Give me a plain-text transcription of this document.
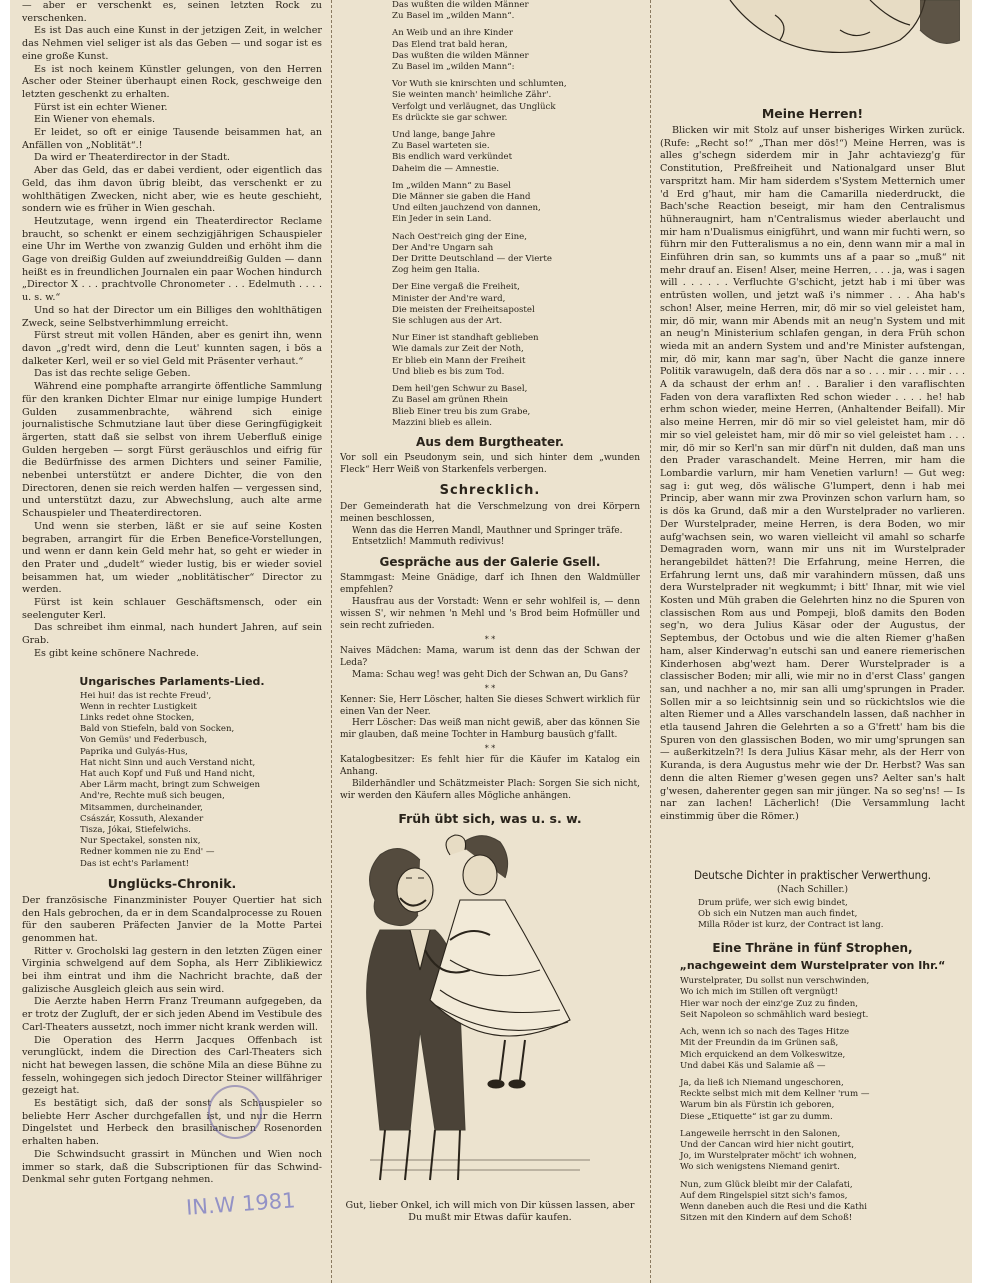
— aber er verschenkt es, seinen letzten Rock zu verschenken.

Es ist Das auch eine Kunst in der jetzigen Zeit, in welcher das Nehmen viel seliger ist als das Geben — und sogar ist es eine große Kunst.

Es ist noch keinem Künstler gelungen, von den Herren Ascher oder Steiner überhaupt einen Rock, geschweige den letzten geschenkt zu erhalten.

Fürst ist ein echter Wiener.

Ein Wiener von ehemals.

Er leidet, so oft er einige Tausende beisammen hat, an Anfällen von „Noblität“.!

Da wird er Theaterdirector in der Stadt.

Aber das Geld, das er dabei verdient, oder eigentlich das Geld, das ihm davon übrig bleibt, das verschenkt er zu wohlthätigen Zwecken, nicht aber, wie es heute geschieht, sondern wie es früher in Wien geschah.

Heutzutage, wenn irgend ein Theaterdirector Reclame braucht, so schenkt er einem sechzigjährigen Schauspieler eine Uhr im Werthe von zwanzig Gulden und erhöht ihm die Gage von dreißig Gulden auf zweiunddreißig Gulden — dann heißt es in freundlichen Journalen ein paar Wochen hindurch „Director X . . . prachtvolle Chronometer . . . Edelmuth . . . . u. s. w.“

Und so hat der Director um ein Billiges den wohlthätigen Zweck, seine Selbstverhimmlung erreicht.

Fürst streut mit vollen Händen, aber es genirt ihn, wenn davon „g'redt wird, denn die Leut' kunnten sagen, i bös a dalketer Kerl, weil er so viel Geld mit Präsenter verhaut.“

Das ist das rechte selige Geben.

Während eine pomphafte arrangirte öffentliche Sammlung für den kranken Dichter Elmar nur einige lumpige Hundert Gulden zusammenbrachte, während sich einige journalistische Schmutziane laut über diese Geringfügigkeit ärgerten, statt daß sie selbst von ihrem Ueberfluß einige Gulden hergeben — sorgt Fürst geräuschlos und eifrig für die Bedürfnisse des armen Dichters und seiner Familie, nebenbei unterstützt er andere Dichter, die von den Directoren, denen sie reich werden halfen — vergessen sind, und unterstützt dazu, zur Abwechslung, auch alte arme Schauspieler und Theaterdirectoren.

Und wenn sie sterben, läßt er sie auf seine Kosten begraben, arrangirt für die Erben Benefice-Vorstellungen, und wenn er dann kein Geld mehr hat, so geht er wieder in den Prater und „dudelt“ wieder lustig, bis er wieder soviel beisammen hat, um wieder „noblitätischer“ Director zu werden.

Fürst ist kein schlauer Geschäftsmensch, oder ein seelenguter Kerl.

Das schreibet ihm einmal, nach hundert Jahren, auf sein Grab.

Es gibt keine schönere Nachrede.

Ungarisches Parlaments-Lied.
Hei hui! das ist rechte Freud',
Wenn in rechter Lustigkeit
Links redet ohne Stocken,
Bald von Stiefeln, bald von Socken,
Von Gemüs' und Federbusch,
Paprika und Gulyás-Hus,
Hat nicht Sinn und auch Verstand nicht,
Hat auch Kopf und Fuß und Hand nicht,
Aber Lärm macht, bringt zum Schweigen
And're, Rechte muß sich beugen,
Mitsammen, durcheinander,
Császár, Kossuth, Alexander
Tisza, Jókai, Stiefelwichs.
Nur Spectakel, sonsten nix,
Redner kommen nie zu End' —
Das ist echt's Parlament!
Unglücks-Chronik.

Der französische Finanzminister Pouyer Quertier hat sich den Hals gebrochen, da er in dem Scandalprocesse zu Rouen für den sauberen Präfecten Janvier de la Motte Partei genommen hat.

Ritter v. Grocholski lag gestern in den letzten Zügen einer Virginia schwelgend auf dem Sopha, als Herr Ziblikiewicz bei ihm eintrat und ihm die Nachricht brachte, daß der galizische Ausgleich gleich aus sein wird.

Die Aerzte haben Herrn Franz Treumann aufgegeben, da er trotz der Zugluft, der er sich jeden Abend im Vestibule des Carl-Theaters aussetzt, noch immer nicht krank werden will.

Die Operation des Herrn Jacques Offenbach ist verunglückt, indem die Direction des Carl-Theaters sich nicht hat bewegen lassen, die schöne Mila an diese Bühne zu fesseln, wohingegen sich jedoch Director Steiner willfähriger gezeigt hat.

Es bestätigt sich, daß der sonst als Schauspieler so beliebte Herr Ascher durchgefallen ist, und nur die Herrn Dingelstet und Herbeck den brasilianischen Rosenorden erhalten haben.

Die Schwindsucht grassirt in München und Wien noch immer so stark, daß die Subscriptionen für das Schwind-Denkmal sehr guten Fortgang nehmen.

Das wußten die wilden Männer
Zu Basel im „wilden Mann“.
An Weib und an ihre Kinder
Das Elend trat bald heran,
Das wußten die wilden Männer
Zu Basel im „wilden Mann“:
Vor Wuth sie knirschten und schlumten,
Sie weinten manch' heimliche Zähr'.
Verfolgt und verläugnet, das Unglück
Es drückte sie gar schwer.
Und lange, bange Jahre
Zu Basel warteten sie.
Bis endlich ward verkündet
Daheim die — Amnestie.
Im „wilden Mann“ zu Basel
Die Männer sie gaben die Hand
Und eilten jauchzend von dannen,
Ein Jeder in sein Land.
Nach Oest'reich ging der Eine,
Der And're Ungarn sah
Der Dritte Deutschland — der Vierte
Zog heim gen Italia.
Der Eine vergaß die Freiheit,
Minister der And're ward,
Die meisten der Freiheitsapostel
Sie schlugen aus der Art.
Nur Einer ist standhaft geblieben
Wie damals zur Zeit der Noth,
Er blieb ein Mann der Freiheit
Und blieb es bis zum Tod.
Dem heil'gen Schwur zu Basel,
Zu Basel am grünen Rhein
Blieb Einer treu bis zum Grabe,
Mazzini blieb es allein.
Aus dem Burgtheater.

Vor soll ein Pseudonym sein, und sich hinter dem „wunden Fleck“ Herr Weiß von Starkenfels verbergen.

Schrecklich.

Der Gemeinderath hat die Verschmelzung von drei Körpern meinen beschlossen,

Wenn das die Herren Mandl, Mauthner und Springer träfe.

Entsetzlich! Mammuth redivivus!

Gespräche aus der Galerie Gsell.

Stammgast: Meine Gnädige, darf ich Ihnen den Waldmüller empfehlen?

Hausfrau aus der Vorstadt: Wenn er sehr wohlfeil is, — denn wissen S', wir nehmen 'n Mehl und 's Brod beim Hofmüller und sein recht zufrieden.

* *

Naives Mädchen: Mama, warum ist denn das der Schwan der Leda?

Mama: Schau weg! was geht Dich der Schwan an, Du Gans?

* *

Kenner: Sie, Herr Löscher, halten Sie dieses Schwert wirklich für einen Van der Neer.

Herr Löscher: Das weiß man nicht gewiß, aber das können Sie mir glauben, daß meine Tochter in Hamburg bausüch g'fallt.

* *

Katalogbesitzer: Es fehlt hier für die Käufer im Katalog ein Anhang.

Bilderhändler und Schätzmeister Plach: Sorgen Sie sich nicht, wir werden den Käufern alles Mögliche anhängen.

Früh übt sich, was u. s. w.

Gut, lieber Onkel, ich will mich von Dir küssen lassen, aber Du mußt mir Etwas dafür kaufen.

IN.W 1981
Meine Herren!

Blicken wir mit Stolz auf unser bisheriges Wirken zurück. (Rufe: „Recht so!“ „Than mer dös!“) Meine Herren, was is alles g'schegn siderdem mir in Jahr achtaviezg'g für Constitution, Preßfreiheit und Nationalgard unser Blut varspritzt ham. Mir ham siderdem s'System Metternich umer 'd Erd g'haut, mir ham die Camarilla niederdruckt, die Bach'sche Reaction beseigt, mir ham den Centralismus hühneraugnirt, ham n'Centralismus wieder aberlaucht und mir ham n'Dualismus einigführt, und wann mir fuchti wern, so führn mir den Futteralismus a no ein, denn wann mir a mal in Einführen drin san, so kummts uns af a paar so „muß“ nit mehr drauf an. Eisen! Alser, meine Herren, . . . ja, was i sagen will . . . . . . Verfluchte G'schicht, jetzt hab i mi über was entrüsten wollen, und jetzt waß i's nimmer . . . Aha hab's schon! Alser, meine Herren, mir, dö mir so viel geleistet ham, mir, dö mir, wann mir Abends mit an neug'n System und mit an neug'n Ministerium schlafen gengan, in dera Früh schon wieda mit an andern System und and're Minister aufstengan, mir, dö mir, kann mar sag'n, über Nacht die ganze innere Politik varawugeln, daß dera dös nar a so . . . mir . . . mir . . . A da schaust der erhm an! . . Baralier i den varaflischten Faden von dera varaflixten Red schon wieder . . . . he! hab erhm schon wieder, meine Herren, (Anhaltender Beifall). Mir also meine Herren, mir dö mir so viel geleistet ham, mir dö mir so viel geleistet ham, mir dö mir so viel geleistet ham . . . mir, dö mir so Kerl'n san mir dürf'n nit dulden, daß man uns den Prader varaschandelt. Meine Herren, mir ham die Lombardie varlurn, mir ham Venetien varlurn! — Gut weg: sag i: gut weg, dös wälische G'lumpert, denn i hab mei Princip, aber wann mir zwa Provinzen schon varlurn ham, so is dös ka Grund, daß mir a den Wurstelprader no varlieren. Der Wurstelprader, meine Herren, is dera Boden, wo mir aufg'wachsen sein, wo waren vielleicht vil amahl so scharfe Demagraden worn, wann mir uns nit im Wurstelprader herangebildet hätten?! Die Erfahrung, meine Herren, die Erfahrung lernt uns, daß mir varahindern müssen, daß uns dera Wurstelprader nit wegkummt; i bitt' Ihnar, mit wie viel Kosten und Müh graben die Gelehrten hinz no die Spuren von classischen Rom aus und Pompeji, bloß damits den Boden seg'n, wo dera Julius Käsar oder der Augustus, der Septembus, der Octobus und wie die alten Riemer g'haßen ham, alser Kinderwag'n eutschi san und eanere riemerischen Kinderhosen abg'wezt ham. Derer Wurstelprader is a classischer Boden; mir alli, wie mir no in d'erst Class' gangen san, und nachher a no, mir san alli umg'sprungen in Prader. Sollen mir a so leichtsinnig sein und so rückichtslos wie die alten Riemer und a Alles varschandeln lassen, daß nachher in etla tausend Jahren die Gelehrten a so a G'frett' ham bis die Spuren von den glassischen Boden, wo mir umg'sprungen san — außerkitzeln?! Is dera Julius Käsar mehr, als der Herr von Kuranda, is dera Augustus mehr wie der Dr. Herbst? Was san denn die alten Riemer g'wesen gegen uns? Aelter san's halt g'wesen, daherenter gegen san mir jünger. Na so seg'ns! — Is nar zan lachen! Lächerlich! (Die Versammlung lacht einstimmig über die Römer.)

Deutsche Dichter in praktischer Verwerthung.
(Nach Schiller.)
Drum prüfe, wer sich ewig bindet,
Ob sich ein Nutzen man auch findet,
Milla Röder ist kurz, der Contract ist lang.
Eine Thräne in fünf Strophen,
„nachgeweint dem Wurstelprater von Ihr.“
Wurstelprater, Du sollst nun verschwinden,
Wo ich mich im Stillen oft vergnügt!
Hier war noch der einz'ge Zuz zu finden,
Seit Napoleon so schmählich ward besiegt.
Ach, wenn ich so nach des Tages Hitze
Mit der Freundin da im Grünen saß,
Mich erquickend an dem Volkeswitze,
Und dabei Käs und Salamie aß —
Ja, da ließ ich Niemand ungeschoren,
Reckte selbst mich mit dem Kellner 'rum —
Warum bin als Fürstin ich geboren,
Diese „Etiquette“ ist gar zu dumm.
Langeweile herrscht in den Salonen,
Und der Cancan wird hier nicht goutirt,
Jo, im Wurstelprater möcht' ich wohnen,
Wo sich wenigstens Niemand genirt.
Nun, zum Glück bleibt mir der Calafati,
Auf dem Ringelspiel sitzt sich's famos,
Wenn daneben auch die Resi und die Kathi
Sitzen mit den Kindern auf dem Schoß!
